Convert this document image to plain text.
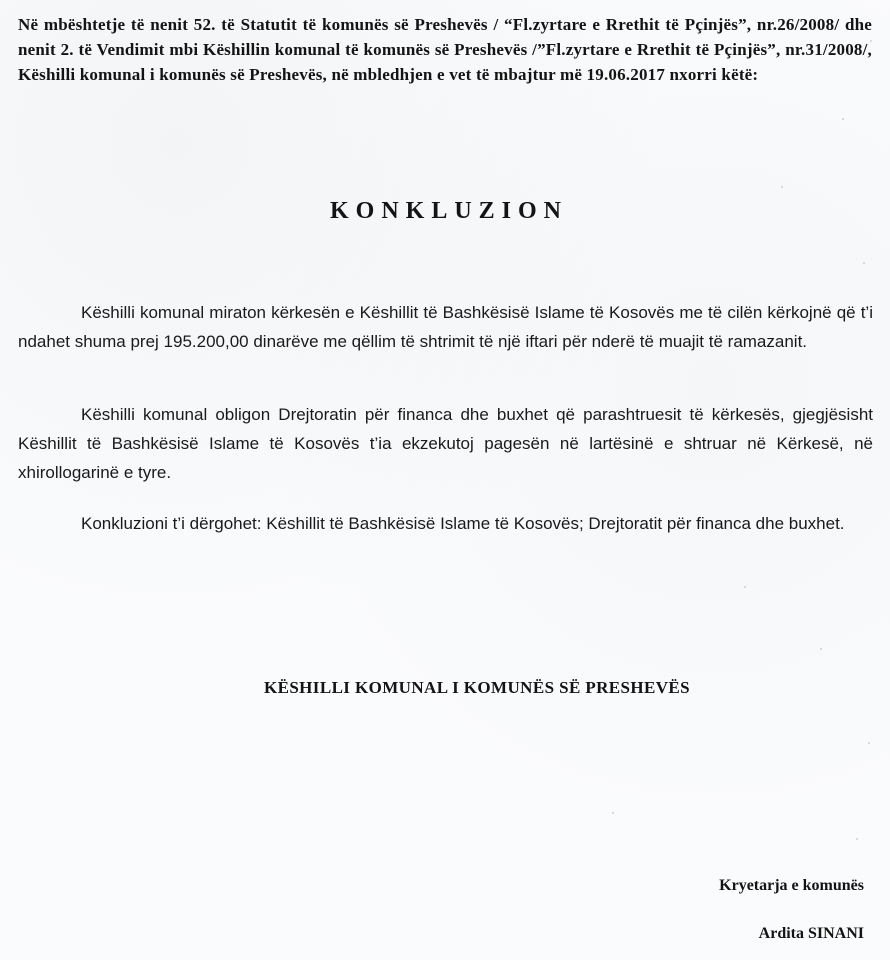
Në mbështetje të nenit 52. të Statutit të komunës së Preshevës / “Fl.zyrtare e Rrethit të Pçinjës”, nr.26/2008/ dhe nenit 2. të Vendimit mbi Këshillin komunal të komunës së Preshevës /”Fl.zyrtare e Rrethit të Pçinjës”, nr.31/2008/, Këshilli komunal i komunës së Preshevës, në mbledhjen e vet të mbajtur më 19.06.2017 nxorri këtë:

KONKLUZION

Këshilli komunal miraton kërkesën e Këshillit të Bashkësisë Islame të Kosovës me të cilën kërkojnë që t’i ndahet shuma prej 195.200,00 dinarëve me qëllim të shtrimit të një iftari për nderë të muajit të ramazanit.

Këshilli komunal obligon Drejtoratin për financa dhe buxhet që parashtruesit të kërkesës, gjegjësisht Këshillit të Bashkësisë Islame të Kosovës t’ia ekzekutoj pagesën në lartësinë e shtruar në Kërkesë, në xhirollogarinë e tyre.

Konkluzioni t’i dërgohet: Këshillit të Bashkësisë Islame të Kosovës; Drejtoratit për financa dhe buxhet.

KËSHILLI KOMUNAL I KOMUNËS SË PRESHEVËS
Kryetarja e komunës
Ardita SINANI
